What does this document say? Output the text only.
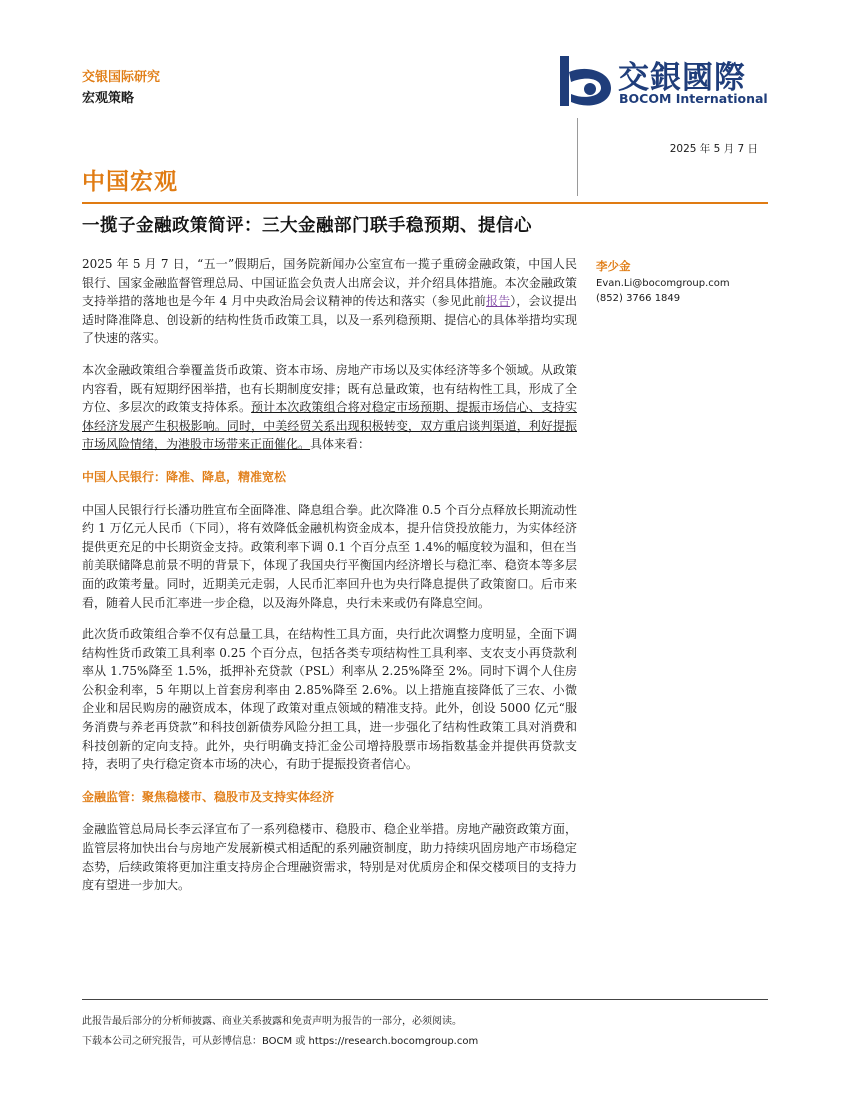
交银国际研究
宏观策略
交銀國際
BOCOM International
2025 年 5 月 7 日
中国宏观
一揽子金融政策简评：三大金融部门联手稳预期、提信心

2025 年 5 月 7 日，“五一”假期后，国务院新闻办公室宣布一揽子重磅金融政策，中国人民银行、国家金融监督管理总局、中国证监会负责人出席会议，并介绍具体措施。本次金融政策支持举措的落地也是今年 4 月中央政治局会议精神的传达和落实（参见此前报告），会议提出适时降准降息、创设新的结构性货币政策工具，以及一系列稳预期、提信心的具体举措均实现了快速的落实。

本次金融政策组合拳覆盖货币政策、资本市场、房地产市场以及实体经济等多个领域。从政策内容看，既有短期纾困举措，也有长期制度安排；既有总量政策，也有结构性工具，形成了全方位、多层次的政策支持体系。预计本次政策组合将对稳定市场预期、提振市场信心、支持实体经济发展产生积极影响。同时，中美经贸关系出现积极转变，双方重启谈判渠道，利好提振市场风险情绪，为港股市场带来正面催化。具体来看：

中国人民银行：降准、降息，精准宽松

中国人民银行行长潘功胜宣布全面降准、降息组合拳。此次降准 0.5 个百分点释放长期流动性约 1 万亿元人民币（下同），将有效降低金融机构资金成本，提升信贷投放能力，为实体经济提供更充足的中长期资金支持。政策利率下调 0.1 个百分点至 1.4%的幅度较为温和，但在当前美联储降息前景不明的背景下，体现了我国央行平衡国内经济增长与稳汇率、稳资本等多层面的政策考量。同时，近期美元走弱，人民币汇率回升也为央行降息提供了政策窗口。后市来看，随着人民币汇率进一步企稳，以及海外降息，央行未来或仍有降息空间。

此次货币政策组合拳不仅有总量工具，在结构性工具方面，央行此次调整力度明显，全面下调结构性货币政策工具利率 0.25 个百分点，包括各类专项结构性工具利率、支农支小再贷款利率从 1.75%降至 1.5%，抵押补充贷款（PSL）利率从 2.25%降至 2%。同时下调个人住房公积金利率，5 年期以上首套房利率由 2.85%降至 2.6%。以上措施直接降低了三农、小微企业和居民购房的融资成本，体现了政策对重点领域的精准支持。此外，创设 5000 亿元“服务消费与养老再贷款”和科技创新债券风险分担工具，进一步强化了结构性政策工具对消费和科技创新的定向支持。此外，央行明确支持汇金公司增持股票市场指数基金并提供再贷款支持，表明了央行稳定资本市场的决心，有助于提振投资者信心。

金融监管：聚焦稳楼市、稳股市及支持实体经济

金融监管总局局长李云泽宣布了一系列稳楼市、稳股市、稳企业举措。房地产融资政策方面，监管层将加快出台与房地产发展新模式相适配的系列融资制度，助力持续巩固房地产市场稳定态势，后续政策将更加注重支持房企合理融资需求，特别是对优质房企和保交楼项目的支持力度有望进一步加大。

李少金
Evan.Li@bocomgroup.com
(852) 3766 1849
此报告最后部分的分析师披露、商业关系披露和免责声明为报告的一部分，必须阅读。
下载本公司之研究报告，可从彭博信息：BOCM 或 https://research.bocomgroup.com
